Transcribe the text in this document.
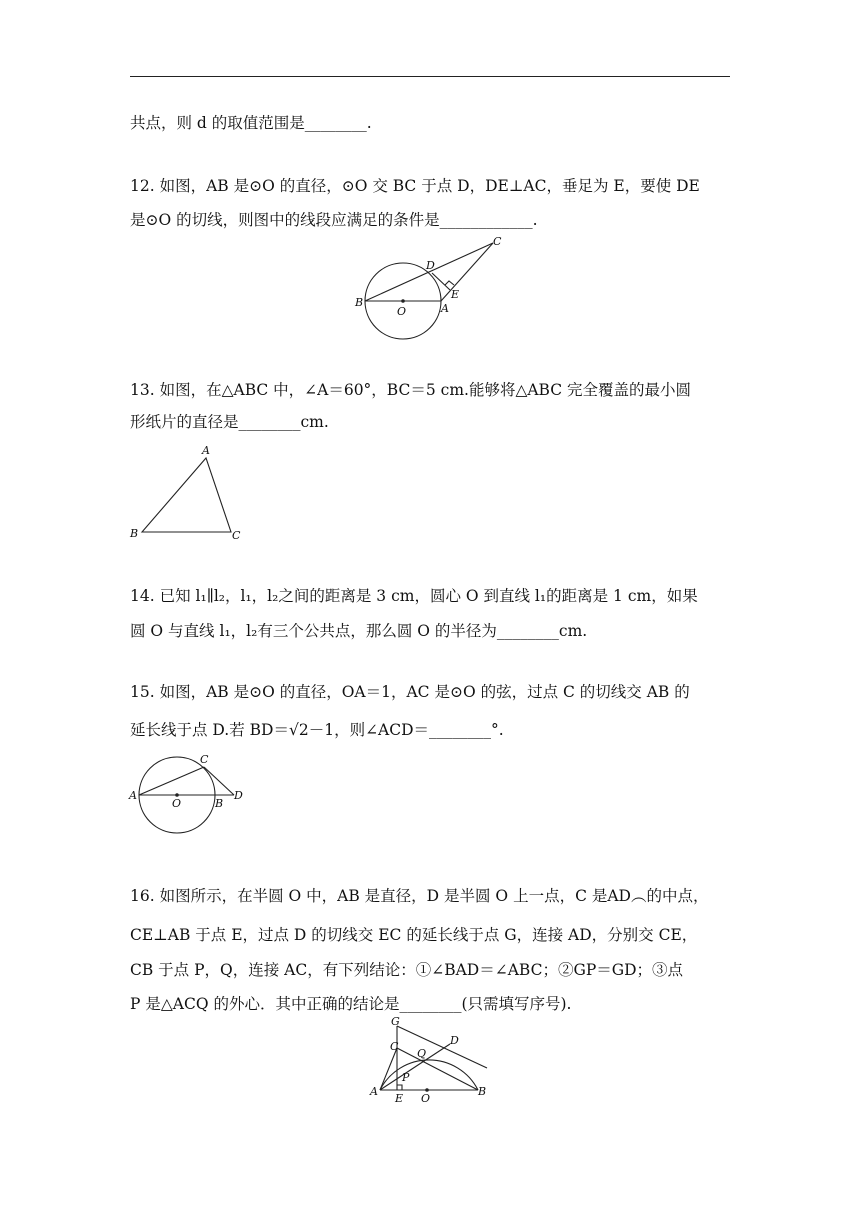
共点，则 d 的取值范围是________.
12. 如图，AB 是⊙O 的直径，⊙O 交 BC 于点 D，DE⊥AC，垂足为 E，要使 DE
是⊙O 的切线，则图中的线段应满足的条件是____________.
B
O	A
D
E
C
13. 如图，在△ABC 中，∠A＝60°，BC＝5 cm.能够将△ABC 完全覆盖的最小圆
形纸片的直径是________cm.
A
B	C
14. 已知 l₁∥l₂，l₁，l₂之间的距离是 3 cm，圆心 O 到直线 l₁的距离是 1 cm，如果
圆 O 与直线 l₁，l₂有三个公共点，那么圆 O 的半径为________cm.
15. 如图，AB 是⊙O 的直径，OA＝1，AC 是⊙O 的弦，过点 C 的切线交 AB 的
延长线于点 D.若 BD＝√2－1，则∠ACD＝________°.
A
O	B
C
D
16. 如图所示，在半圆 O 中，AB 是直径，D 是半圆 O 上一点，C 是AD︵的中点，
CE⊥AB 于点 E，过点 D 的切线交 EC 的延长线于点 G，连接 AD，分别交 CE，
CB 于点 P，Q，连接 AC，有下列结论：①∠BAD＝∠ABC；②GP＝GD；③点
P 是△ACQ 的外心．其中正确的结论是________(只需填写序号).
G
C	D
Q
P
A
E O
B
